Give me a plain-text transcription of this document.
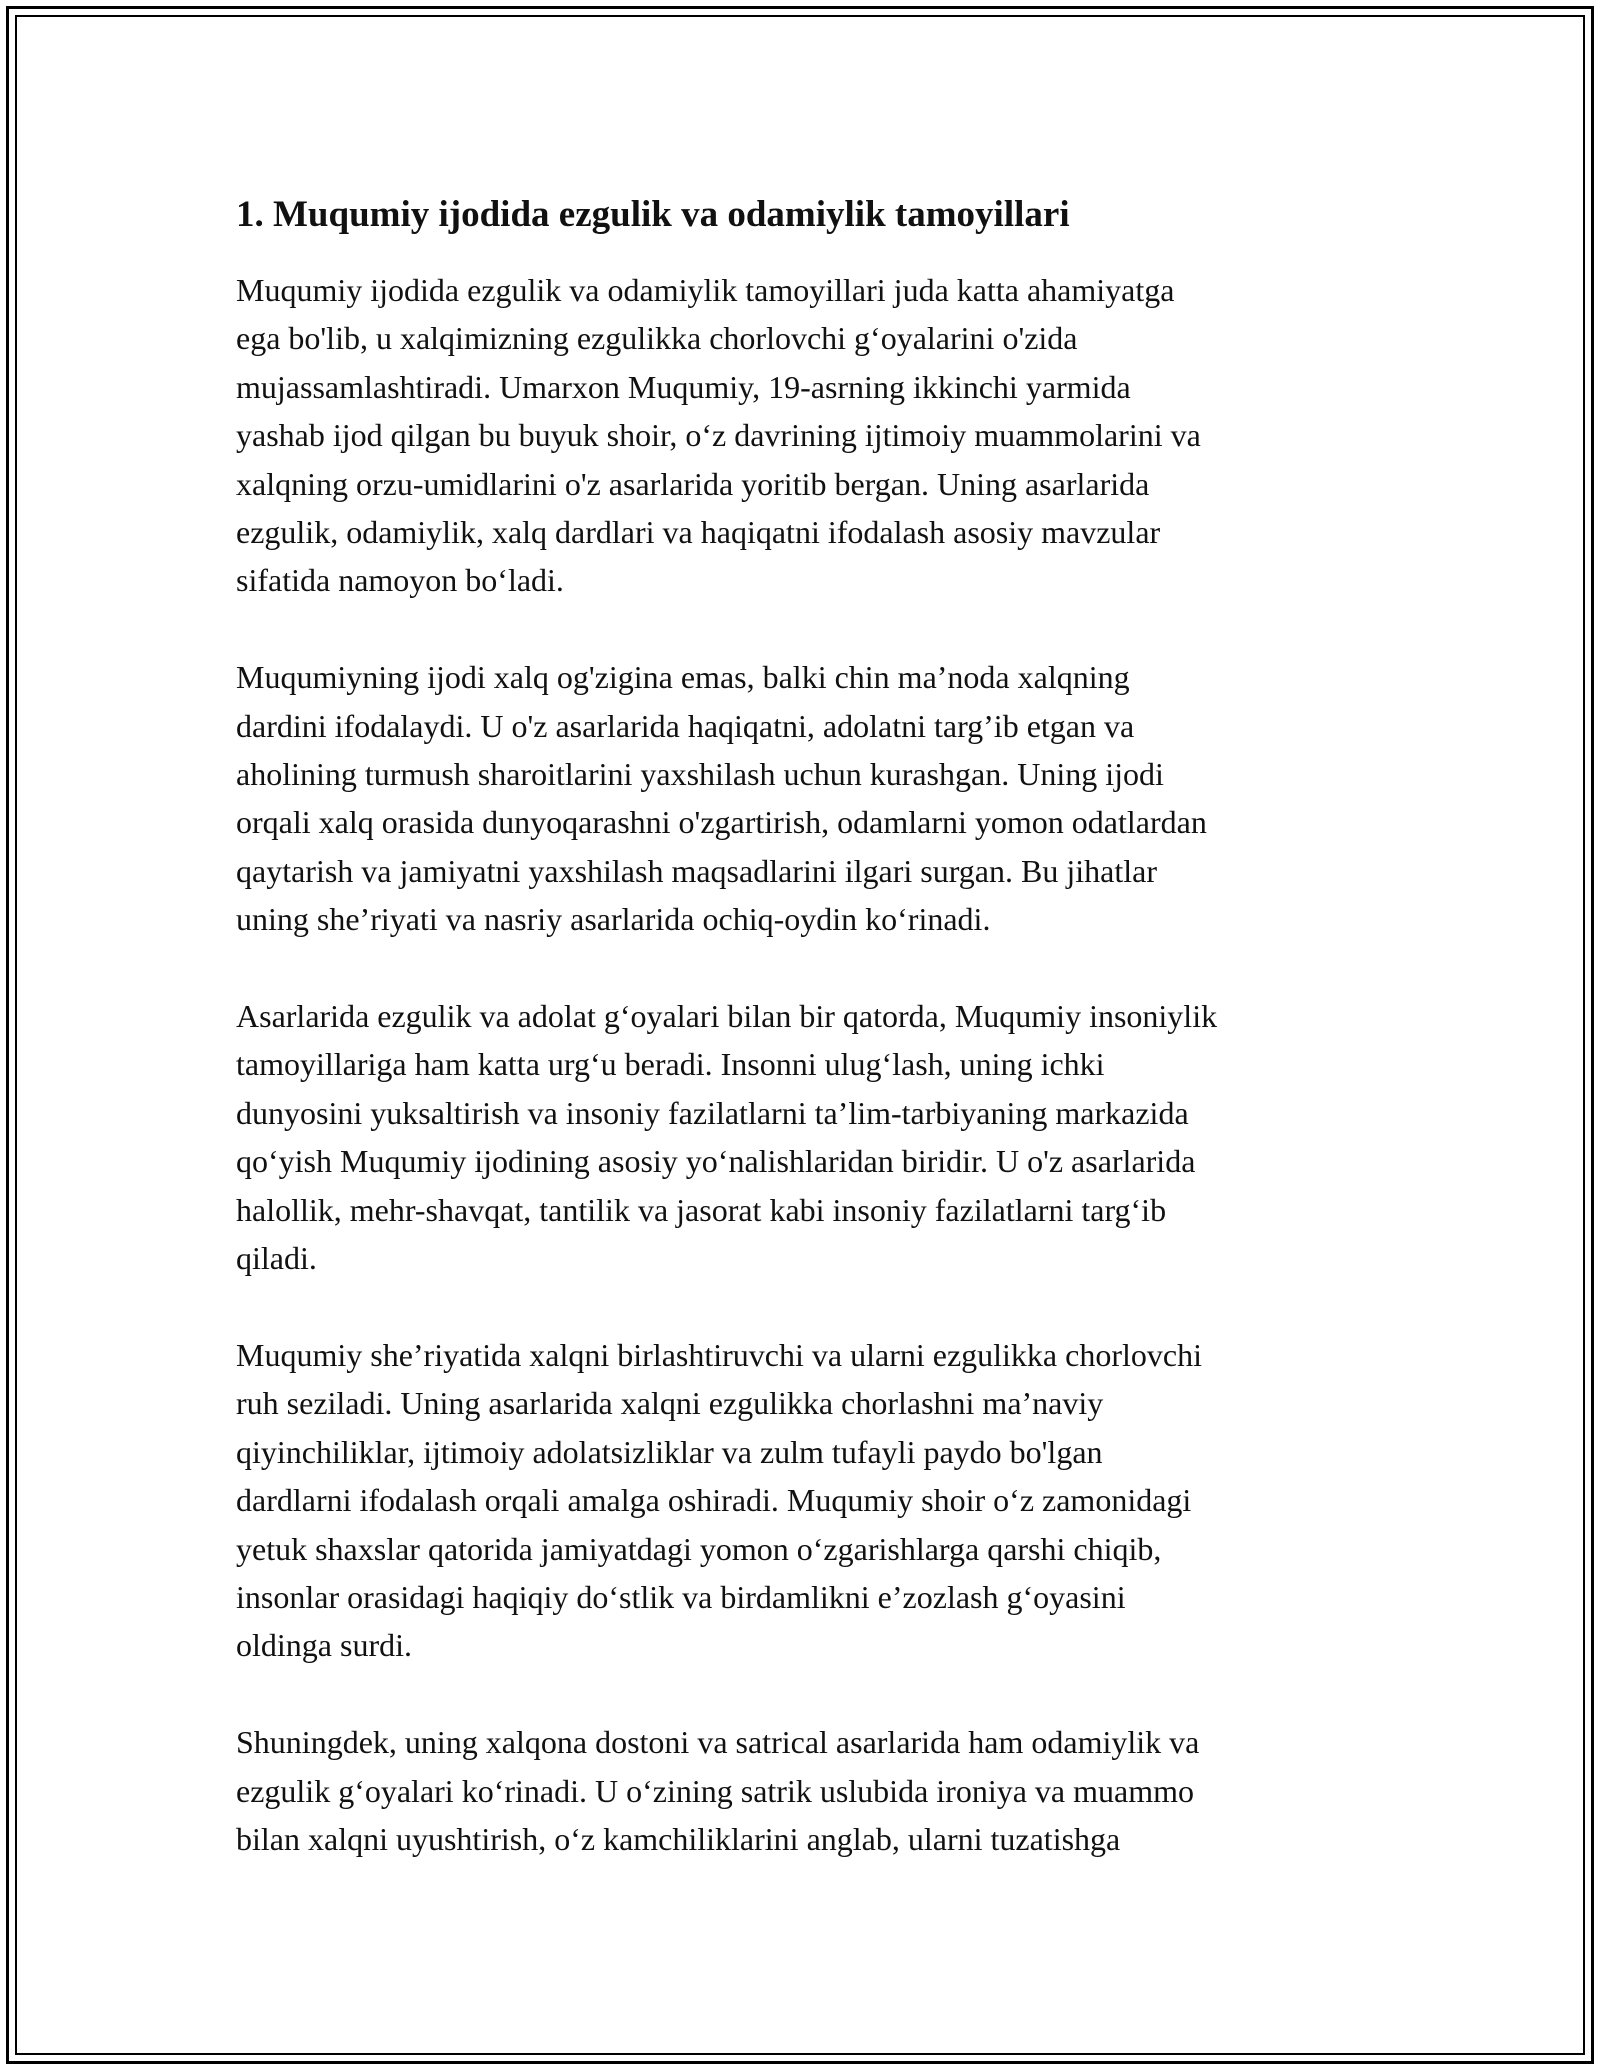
1. Muqumiy ijodida ezgulik va odamiylik tamoyillari

Muqumiy ijodida ezgulik va odamiylik tamoyillari juda katta ahamiyatga
ega bo'lib, u xalqimizning ezgulikka chorlovchi g‘oyalarini o'zida
mujassamlashtiradi. Umarxon Muqumiy, 19-asrning ikkinchi yarmida
yashab ijod qilgan bu buyuk shoir, o‘z davrining ijtimoiy muammolarini va
xalqning orzu-umidlarini o'z asarlarida yoritib bergan. Uning asarlarida
ezgulik, odamiylik, xalq dardlari va haqiqatni ifodalash asosiy mavzular
sifatida namoyon bo‘ladi.

Muqumiyning ijodi xalq og'zigina emas, balki chin ma’noda xalqning
dardini ifodalaydi. U o'z asarlarida haqiqatni, adolatni targ’ib etgan va
aholining turmush sharoitlarini yaxshilash uchun kurashgan. Uning ijodi
orqali xalq orasida dunyoqarashni o'zgartirish, odamlarni yomon odatlardan
qaytarish va jamiyatni yaxshilash maqsadlarini ilgari surgan. Bu jihatlar
uning she’riyati va nasriy asarlarida ochiq-oydin ko‘rinadi.

Asarlarida ezgulik va adolat g‘oyalari bilan bir qatorda, Muqumiy insoniylik
tamoyillariga ham katta urg‘u beradi. Insonni ulug‘lash, uning ichki
dunyosini yuksaltirish va insoniy fazilatlarni ta’lim-tarbiyaning markazida
qo‘yish Muqumiy ijodining asosiy yo‘nalishlaridan biridir. U o'z asarlarida
halollik, mehr-shavqat, tantilik va jasorat kabi insoniy fazilatlarni targ‘ib
qiladi.

Muqumiy she’riyatida xalqni birlashtiruvchi va ularni ezgulikka chorlovchi
ruh seziladi. Uning asarlarida xalqni ezgulikka chorlashni ma’naviy
qiyinchiliklar, ijtimoiy adolatsizliklar va zulm tufayli paydo bo'lgan
dardlarni ifodalash orqali amalga oshiradi. Muqumiy shoir o‘z zamonidagi
yetuk shaxslar qatorida jamiyatdagi yomon o‘zgarishlarga qarshi chiqib,
insonlar orasidagi haqiqiy do‘stlik va birdamlikni e’zozlash g‘oyasini
oldinga surdi.

Shuningdek, uning xalqona dostoni va satrical asarlarida ham odamiylik va
ezgulik g‘oyalari ko‘rinadi. U o‘zining satrik uslubida ironiya va muammo
bilan xalqni uyushtirish, o‘z kamchiliklarini anglab, ularni tuzatishga
